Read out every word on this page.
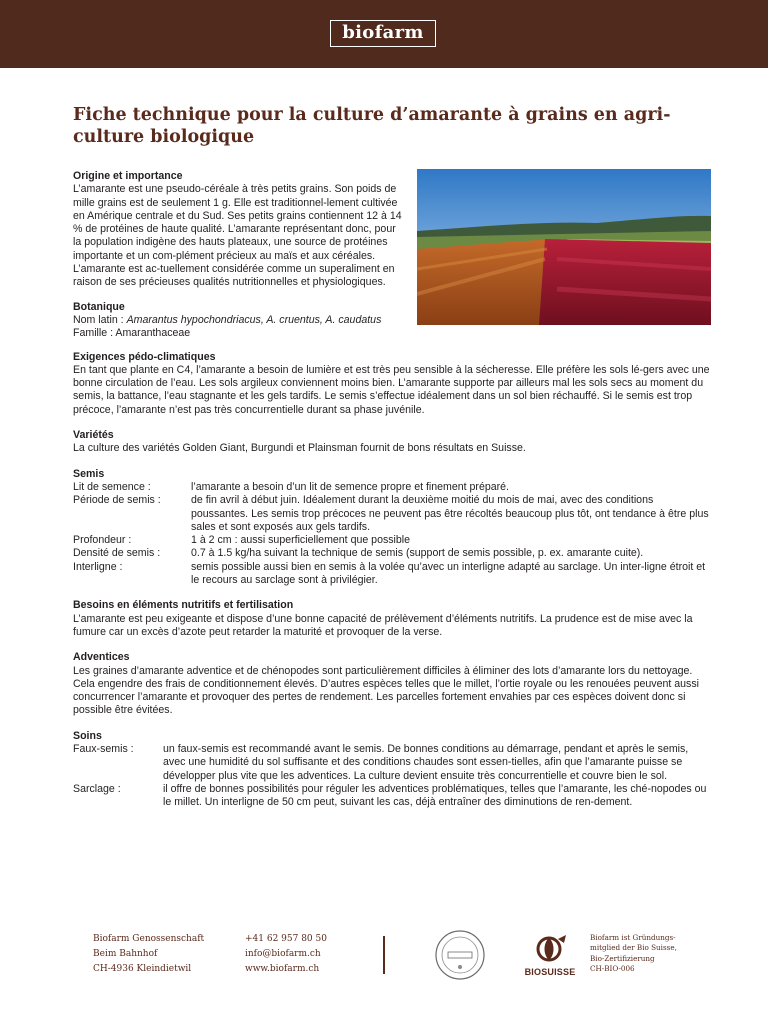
biofarm
Fiche technique pour la culture d’amarante à grains en agri-culture biologique
Origine et importance

L’amarante est une pseudo-céréale à très petits grains. Son poids de mille grains est de seulement 1 g. Elle est traditionnel-lement cultivée en Amérique centrale et du Sud. Ses petits grains contiennent 12 à 14 % de protéines de haute qualité. L’amarante représentant donc, pour la population indigène des hauts plateaux, une source de protéines importante et un com-plément précieux au maïs et aux céréales. L’amarante est ac-tuellement considérée comme un superaliment en raison de ses précieuses qualités nutritionnelles et physiologiques.

Botanique

Nom latin : Amarantus hypochondriacus, A. cruentus, A. caudatus

Famille : Amaranthaceae

Exigences pédo-climatiques

En tant que plante en C4, l’amarante a besoin de lumière et est très peu sensible à la sécheresse. Elle préfère les sols lé-gers avec une bonne circulation de l’eau. Les sols argileux conviennent moins bien. L’amarante supporte par ailleurs mal les sols secs au moment du semis, la battance, l’eau stagnante et les gels tardifs. Le semis s’effectue idéalement dans un sol bien réchauffé. Si le semis est trop précoce, l’amarante n’est pas très concurrentielle durant sa phase juvénile.

Variétés

La culture des variétés Golden Giant, Burgundi et Plainsman fournit de bons résultats en Suisse.

Semis
Lit de semence :	l’amarante a besoin d’un lit de semence propre et finement préparé.
Période de semis :	de fin avril à début juin. Idéalement durant la deuxième moitié du mois de mai, avec des conditions poussantes. Les semis trop précoces ne peuvent pas être récoltés beaucoup plus tôt, ont tendance à être plus sales et sont exposés aux gels tardifs.
Profondeur :	1 à 2 cm : aussi superficiellement que possible
Densité de semis :	0.7 à 1.5 kg/ha suivant la technique de semis (support de semis possible, p. ex. amarante cuite).
Interligne :	semis possible aussi bien en semis à la volée qu’avec un interligne adapté au sarclage. Un inter-ligne étroit et le recours au sarclage sont à privilégier.
Besoins en éléments nutritifs et fertilisation

L’amarante est peu exigeante et dispose d’une bonne capacité de prélèvement d’éléments nutritifs. La prudence est de mise avec la fumure car un excès d’azote peut retarder la maturité et provoquer de la verse.

Adventices

Les graines d’amarante adventice et de chénopodes sont particulièrement difficiles à éliminer des lots d’amarante lors du nettoyage. Cela engendre des frais de conditionnement élevés. D’autres espèces telles que le millet, l’ortie royale ou les renouées peuvent aussi concurrencer l’amarante et provoquer des pertes de rendement. Les parcelles fortement envahies par ces espèces doivent donc si possible être évitées.

Soins
Faux-semis :	un faux-semis est recommandé avant le semis. De bonnes conditions au démarrage, pendant et après le semis, avec une humidité du sol suffisante et des conditions chaudes sont essen-tielles, afin que l’amarante puisse se développer plus vite que les adventices. La culture devient ensuite très concurrentielle et couvre bien le sol.
Sarclage :	il offre de bonnes possibilités pour réguler les adventices problématiques, telles que l’amarante, les ché-nopodes ou le millet. Un interligne de 50 cm peut, suivant les cas, déjà entraîner des diminutions de ren-dement.
Biofarm Genossenschaft
Beim Bahnhof
CH-4936 Kleindietwil
+41 62 957 80 50
info@biofarm.ch
www.biofarm.ch	BIOSUISSE
Biofarm ist Gründungs-
mitglied der Bio Suisse,
Bio-Zertifizierung
CH-BIO-006
